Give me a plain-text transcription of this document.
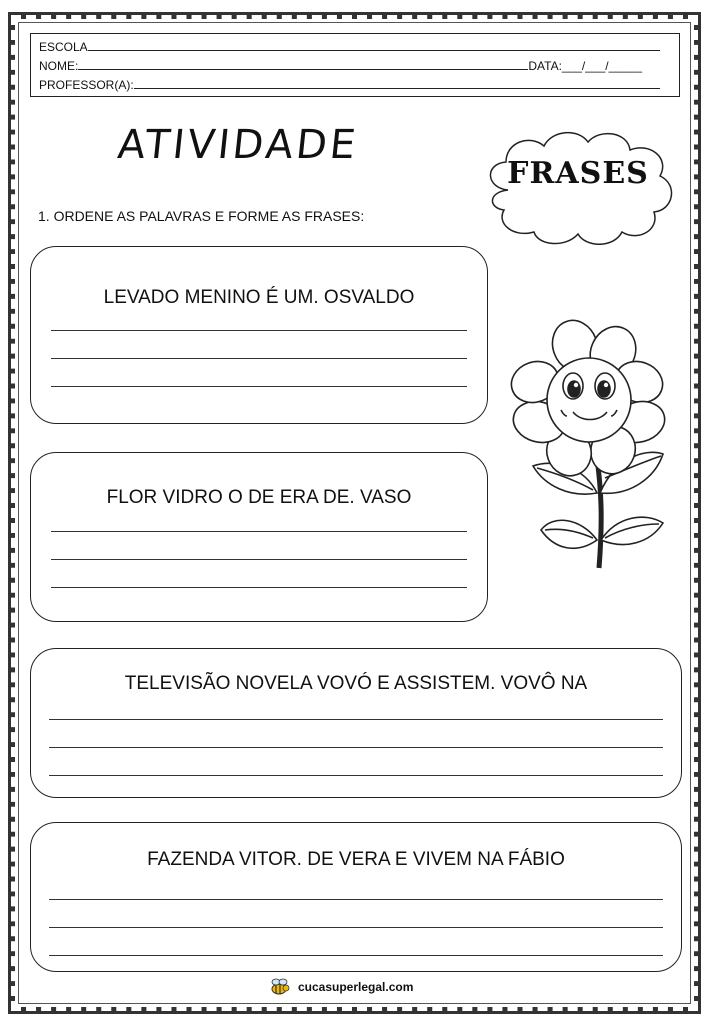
ESCOLA
NOME:	DATA:___/___/_____
PROFESSOR(A):
ATIVIDADE
FRASES
1. ORDENE AS PALAVRAS E FORME AS FRASES:
LEVADO MENINO É UM. OSVALDO
FLOR VIDRO O DE ERA DE. VASO
TELEVISÃO NOVELA VOVÓ E ASSISTEM. VOVÔ NA
FAZENDA VITOR. DE VERA E VIVEM NA FÁBIO
cucasuperlegal.com
